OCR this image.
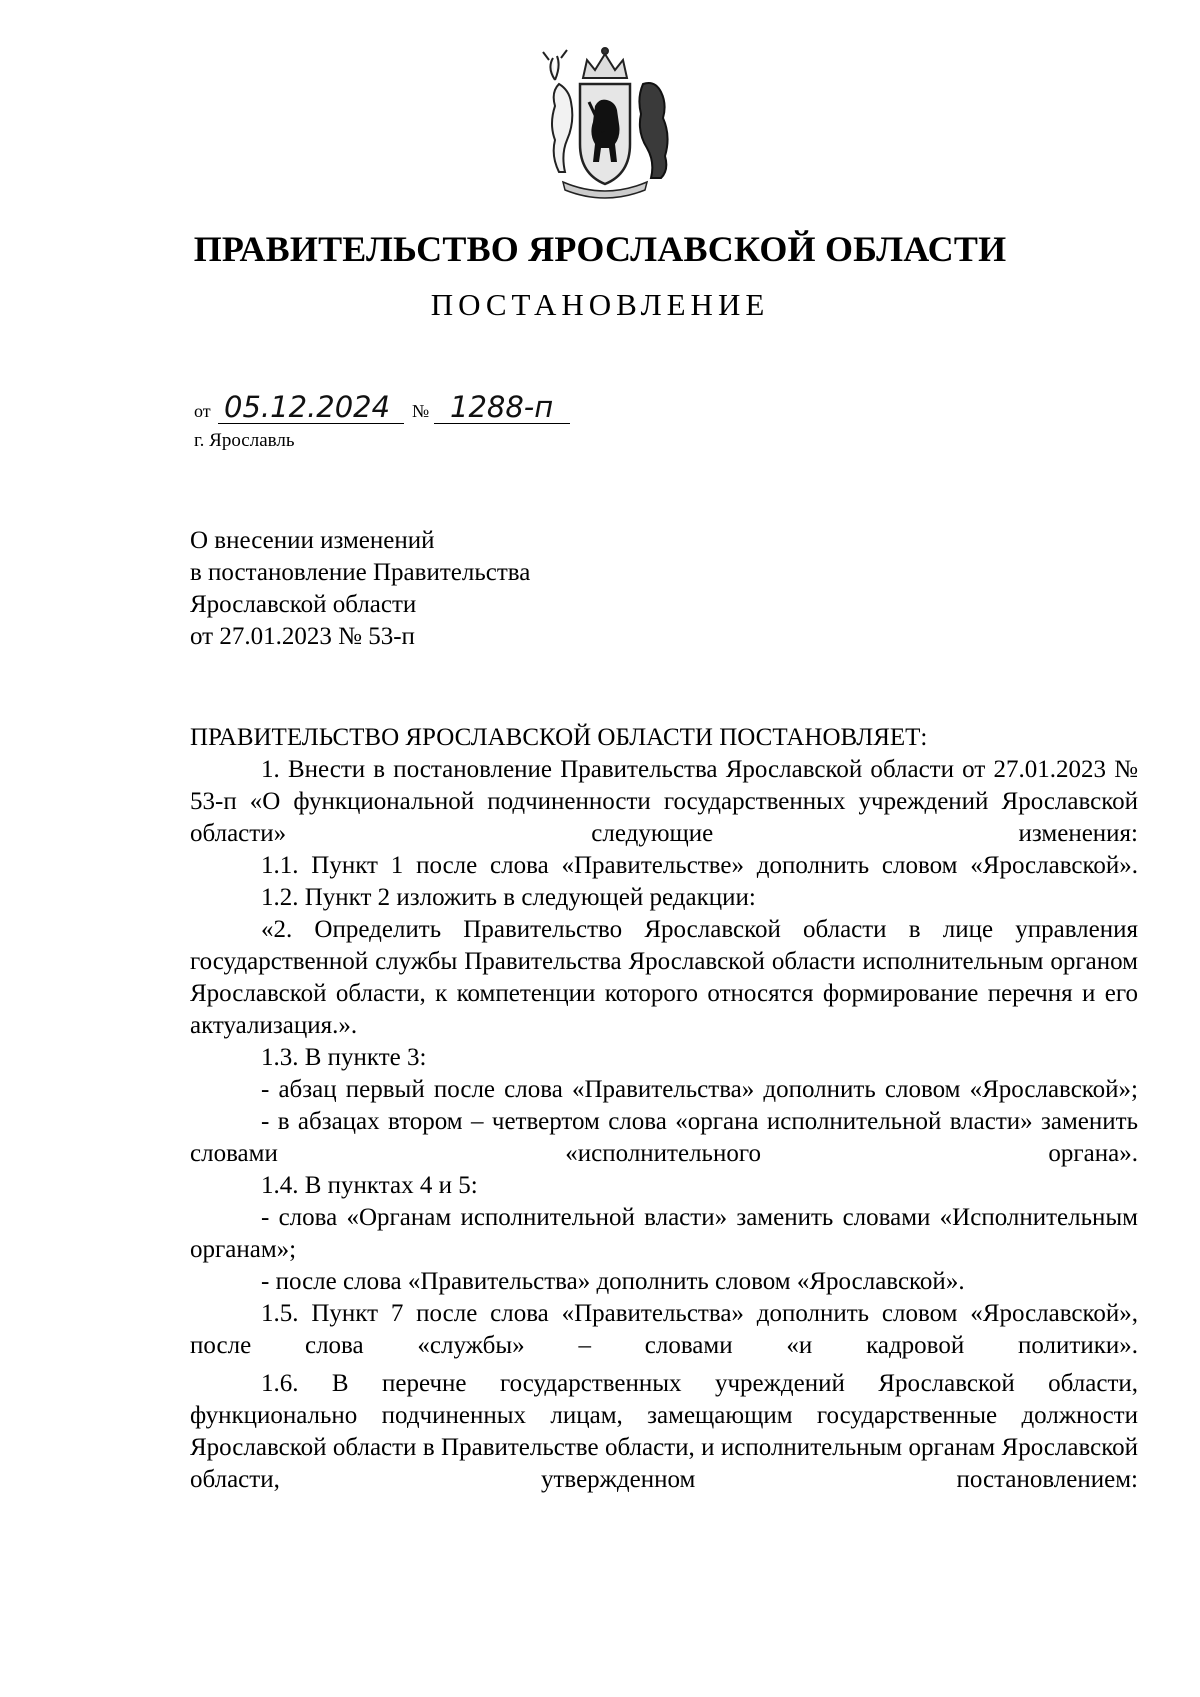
ПРАВИТЕЛЬСТВО ЯРОСЛАВСКОЙ ОБЛАСТИ
ПОСТАНОВЛЕНИЕ
от 05.12.2024 № 1288-п
г. Ярославль
О внесении изменений
в постановление Правительства
Ярославской области
от 27.01.2023 № 53-п

ПРАВИТЕЛЬСТВО ЯРОСЛАВСКОЙ ОБЛАСТИ ПОСТАНОВЛЯЕТ:

1. Внести в постановление Правительства Ярославской области от 27.01.2023 № 53-п «О функциональной подчиненности государственных учреждений Ярославской области» следующие изменения:

1.1. Пункт 1 после слова «Правительстве» дополнить словом «Ярославской».

1.2. Пункт 2 изложить в следующей редакции:

«2. Определить Правительство Ярославской области в лице управления государственной службы Правительства Ярославской области исполнительным органом Ярославской области, к компетенции которого относятся формирование перечня и его актуализация.».

1.3. В пункте 3:

- абзац первый после слова «Правительства» дополнить словом «Ярославской»;

- в абзацах втором – четвертом слова «органа исполнительной власти» заменить словами «исполнительного органа».

1.4. В пунктах 4 и 5:

- слова «Органам исполнительной власти» заменить словами «Исполнительным органам»;

- после слова «Правительства» дополнить словом «Ярославской».

1.5. Пункт 7 после слова «Правительства» дополнить словом «Ярославской», после слова «службы» – словами «и кадровой политики».

1.6. В перечне государственных учреждений Ярославской области, функционально подчиненных лицам, замещающим государственные должности Ярославской области в Правительстве области, и исполнительным органам Ярославской области, утвержденном постановлением:
